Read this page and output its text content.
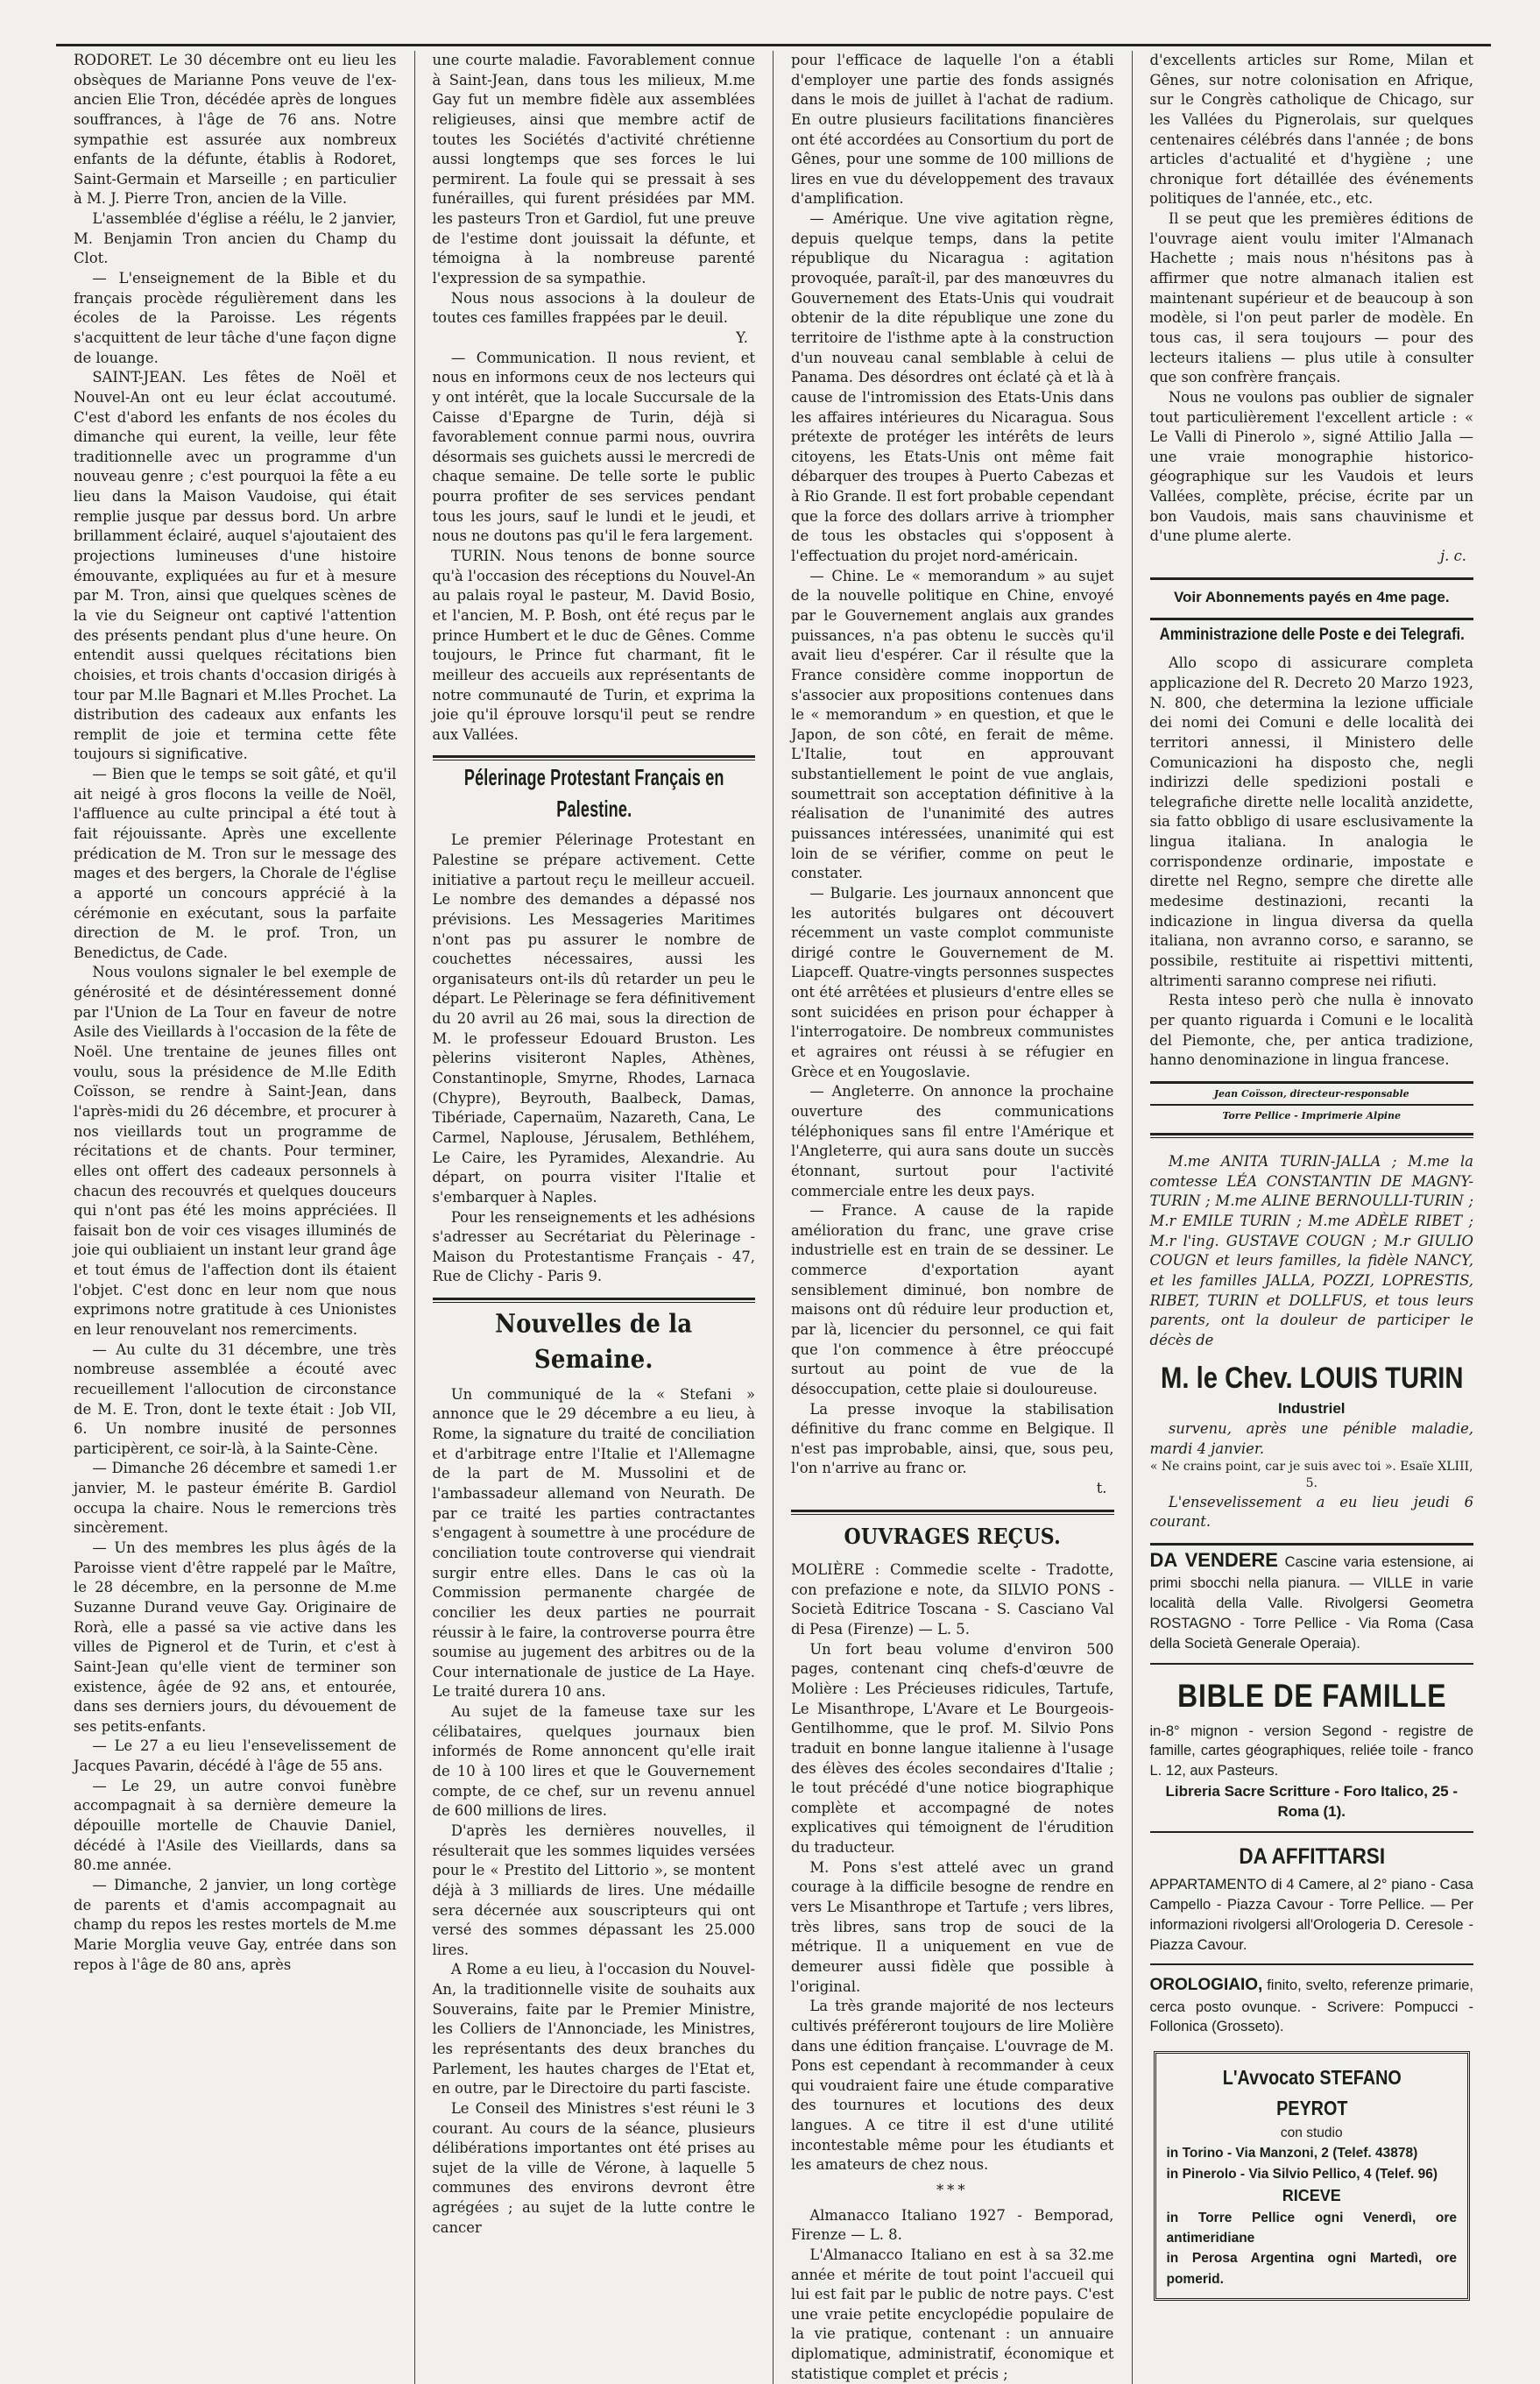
RODORET. Le 30 décembre ont eu lieu les obsèques de Marianne Pons veuve de l'ex-ancien Elie Tron, décédée après de longues souffrances, à l'âge de 76 ans. Notre sympathie est assurée aux nombreux enfants de la défunte, établis à Rodoret, Saint-Germain et Marseille ; en particulier à M. J. Pierre Tron, ancien de la Ville.

L'assemblée d'église a réélu, le 2 janvier, M. Benjamin Tron ancien du Champ du Clot.

— L'enseignement de la Bible et du français procède régulièrement dans les écoles de la Paroisse. Les régents s'acquittent de leur tâche d'une façon digne de louange.

SAINT-JEAN. Les fêtes de Noël et Nouvel-An ont eu leur éclat accoutumé. C'est d'abord les enfants de nos écoles du dimanche qui eurent, la veille, leur fête traditionnelle avec un programme d'un nouveau genre ; c'est pourquoi la fête a eu lieu dans la Maison Vaudoise, qui était remplie jusque par dessus bord. Un arbre brillamment éclairé, auquel s'ajoutaient des projections lumineuses d'une histoire émouvante, expliquées au fur et à mesure par M. Tron, ainsi que quelques scènes de la vie du Seigneur ont captivé l'attention des présents pendant plus d'une heure. On entendit aussi quelques récitations bien choisies, et trois chants d'occasion dirigés à tour par M.lle Bagnari et M.lles Prochet. La distribution des cadeaux aux enfants les remplit de joie et termina cette fête toujours si significative.

— Bien que le temps se soit gâté, et qu'il ait neigé à gros flocons la veille de Noël, l'affluence au culte principal a été tout à fait réjouissante. Après une excellente prédication de M. Tron sur le message des mages et des bergers, la Chorale de l'église a apporté un concours apprécié à la cérémonie en exécutant, sous la parfaite direction de M. le prof. Tron, un Benedictus, de Cade.

Nous voulons signaler le bel exemple de générosité et de désintéressement donné par l'Union de La Tour en faveur de notre Asile des Vieillards à l'occasion de la fête de Noël. Une trentaine de jeunes filles ont voulu, sous la présidence de M.lle Edith Coïsson, se rendre à Saint-Jean, dans l'après-midi du 26 décembre, et procurer à nos vieillards tout un programme de récitations et de chants. Pour terminer, elles ont offert des cadeaux personnels à chacun des recouvrés et quelques douceurs qui n'ont pas été les moins appréciées. Il faisait bon de voir ces visages illuminés de joie qui oubliaient un instant leur grand âge et tout émus de l'affection dont ils étaient l'objet. C'est donc en leur nom que nous exprimons notre gratitude à ces Unionistes en leur renouvelant nos remerciments.

— Au culte du 31 décembre, une très nombreuse assemblée a écouté avec recueillement l'allocution de circonstance de M. E. Tron, dont le texte était : Job VII, 6. Un nombre inusité de personnes participèrent, ce soir-là, à la Sainte-Cène.

— Dimanche 26 décembre et samedi 1.er janvier, M. le pasteur émérite B. Gardiol occupa la chaire. Nous le remercions très sincèrement.

— Un des membres les plus âgés de la Paroisse vient d'être rappelé par le Maître, le 28 décembre, en la personne de M.me Suzanne Durand veuve Gay. Originaire de Rorà, elle a passé sa vie active dans les villes de Pignerol et de Turin, et c'est à Saint-Jean qu'elle vient de terminer son existence, âgée de 92 ans, et entourée, dans ses derniers jours, du dévouement de ses petits-enfants.

— Le 27 a eu lieu l'ensevelissement de Jacques Pavarin, décédé à l'âge de 55 ans.

— Le 29, un autre convoi funèbre accompagnait à sa dernière demeure la dépouille mortelle de Chauvie Daniel, décédé à l'Asile des Vieillards, dans sa 80.me année.

— Dimanche, 2 janvier, un long cortège de parents et d'amis accompagnait au champ du repos les restes mortels de M.me Marie Morglia veuve Gay, entrée dans son repos à l'âge de 80 ans, après

une courte maladie. Favorablement connue à Saint-Jean, dans tous les milieux, M.me Gay fut un membre fidèle aux assemblées religieuses, ainsi que membre actif de toutes les Sociétés d'activité chrétienne aussi longtemps que ses forces le lui permirent. La foule qui se pressait à ses funérailles, qui furent présidées par MM. les pasteurs Tron et Gardiol, fut une preuve de l'estime dont jouissait la défunte, et témoigna à la nombreuse parenté l'expression de sa sympathie.

Nous nous associons à la douleur de toutes ces familles frappées par le deuil.

Y.

— Communication. Il nous revient, et nous en informons ceux de nos lecteurs qui y ont intérêt, que la locale Succursale de la Caisse d'Epargne de Turin, déjà si favorablement connue parmi nous, ouvrira désormais ses guichets aussi le mercredi de chaque semaine. De telle sorte le public pourra profiter de ses services pendant tous les jours, sauf le lundi et le jeudi, et nous ne doutons pas qu'il le fera largement.

TURIN. Nous tenons de bonne source qu'à l'occasion des réceptions du Nouvel-An au palais royal le pasteur, M. David Bosio, et l'ancien, M. P. Bosh, ont été reçus par le prince Humbert et le duc de Gênes. Comme toujours, le Prince fut charmant, fit le meilleur des accueils aux représentants de notre communauté de Turin, et exprima la joie qu'il éprouve lorsqu'il peut se rendre aux Vallées.

Pélerinage Protestant Français en Palestine.

Le premier Pélerinage Protestant en Palestine se prépare activement. Cette initiative a partout reçu le meilleur accueil. Le nombre des demandes a dépassé nos prévisions. Les Messageries Maritimes n'ont pas pu assurer le nombre de couchettes nécessaires, aussi les organisateurs ont-ils dû retarder un peu le départ. Le Pèlerinage se fera définitivement du 20 avril au 26 mai, sous la direction de M. le professeur Edouard Bruston. Les pèlerins visiteront Naples, Athènes, Constantinople, Smyrne, Rhodes, Larnaca (Chypre), Beyrouth, Baalbeck, Damas, Tibériade, Capernaüm, Nazareth, Cana, Le Carmel, Naplouse, Jérusalem, Bethléhem, Le Caire, les Pyramides, Alexandrie. Au départ, on pourra visiter l'Italie et s'embarquer à Naples.

Pour les renseignements et les adhésions s'adresser au Secrétariat du Pèlerinage - Maison du Protestantisme Français - 47, Rue de Clichy - Paris 9.

Nouvelles de la Semaine.

Un communiqué de la « Stefani » annonce que le 29 décembre a eu lieu, à Rome, la signature du traité de conciliation et d'arbitrage entre l'Italie et l'Allemagne de la part de M. Mussolini et de l'ambassadeur allemand von Neurath. De par ce traité les parties contractantes s'engagent à soumettre à une procédure de conciliation toute controverse qui viendrait surgir entre elles. Dans le cas où la Commission permanente chargée de concilier les deux parties ne pourrait réussir à le faire, la controverse pourra être soumise au jugement des arbitres ou de la Cour internationale de justice de La Haye. Le traité durera 10 ans.

Au sujet de la fameuse taxe sur les célibataires, quelques journaux bien informés de Rome annoncent qu'elle irait de 10 à 100 lires et que le Gouvernement compte, de ce chef, sur un revenu annuel de 600 millions de lires.

D'après les dernières nouvelles, il résulterait que les sommes liquides versées pour le « Prestito del Littorio », se montent déjà à 3 milliards de lires. Une médaille sera décernée aux souscripteurs qui ont versé des sommes dépassant les 25.000 lires.

A Rome a eu lieu, à l'occasion du Nouvel-An, la traditionnelle visite de souhaits aux Souverains, faite par le Premier Ministre, les Colliers de l'Annonciade, les Ministres, les représentants des deux branches du Parlement, les hautes charges de l'Etat et, en outre, par le Directoire du parti fasciste.

Le Conseil des Ministres s'est réuni le 3 courant. Au cours de la séance, plusieurs délibérations importantes ont été prises au sujet de la ville de Vérone, à laquelle 5 communes des environs devront être agrégées ; au sujet de la lutte contre le cancer

pour l'efficace de laquelle l'on a établi d'employer une partie des fonds assignés dans le mois de juillet à l'achat de radium. En outre plusieurs facilitations financières ont été accordées au Consortium du port de Gênes, pour une somme de 100 millions de lires en vue du développement des travaux d'amplification.

— Amérique. Une vive agitation règne, depuis quelque temps, dans la petite république du Nicaragua : agitation provoquée, paraît-il, par des manœuvres du Gouvernement des Etats-Unis qui voudrait obtenir de la dite république une zone du territoire de l'isthme apte à la construction d'un nouveau canal semblable à celui de Panama. Des désordres ont éclaté çà et là à cause de l'intromission des Etats-Unis dans les affaires intérieures du Nicaragua. Sous prétexte de protéger les intérêts de leurs citoyens, les Etats-Unis ont même fait débarquer des troupes à Puerto Cabezas et à Rio Grande. Il est fort probable cependant que la force des dollars arrive à triompher de tous les obstacles qui s'opposent à l'effectuation du projet nord-américain.

— Chine. Le « memorandum » au sujet de la nouvelle politique en Chine, envoyé par le Gouvernement anglais aux grandes puissances, n'a pas obtenu le succès qu'il avait lieu d'espérer. Car il résulte que la France considère comme inopportun de s'associer aux propositions contenues dans le « memorandum » en question, et que le Japon, de son côté, en ferait de même. L'Italie, tout en approuvant substantiellement le point de vue anglais, soumettrait son acceptation définitive à la réalisation de l'unanimité des autres puissances intéressées, unanimité qui est loin de se vérifier, comme on peut le constater.

— Bulgarie. Les journaux annoncent que les autorités bulgares ont découvert récemment un vaste complot communiste dirigé contre le Gouvernement de M. Liapceff. Quatre-vingts personnes suspectes ont été arrêtées et plusieurs d'entre elles se sont suicidées en prison pour échapper à l'interrogatoire. De nombreux communistes et agraires ont réussi à se réfugier en Grèce et en Yougoslavie.

— Angleterre. On annonce la prochaine ouverture des communications téléphoniques sans fil entre l'Amérique et l'Angleterre, qui aura sans doute un succès étonnant, surtout pour l'activité commerciale entre les deux pays.

— France. A cause de la rapide amélioration du franc, une grave crise industrielle est en train de se dessiner. Le commerce d'exportation ayant sensiblement diminué, bon nombre de maisons ont dû réduire leur production et, par là, licencier du personnel, ce qui fait que l'on commence à être préoccupé surtout au point de vue de la désoccupation, cette plaie si douloureuse.

La presse invoque la stabilisation définitive du franc comme en Belgique. Il n'est pas improbable, ainsi, que, sous peu, l'on n'arrive au franc or.

t.
OUVRAGES REÇUS.

MOLIÈRE : Commedie scelte - Tradotte, con prefazione e note, da SILVIO PONS - Società Editrice Toscana - S. Casciano Val di Pesa (Firenze) — L. 5.

Un fort beau volume d'environ 500 pages, contenant cinq chefs-d'œuvre de Molière : Les Précieuses ridicules, Tartufe, Le Misanthrope, L'Avare et Le Bourgeois-Gentilhomme, que le prof. M. Silvio Pons traduit en bonne langue italienne à l'usage des élèves des écoles secondaires d'Italie ; le tout précédé d'une notice biographique complète et accompagné de notes explicatives qui témoignent de l'érudition du traducteur.

M. Pons s'est attelé avec un grand courage à la difficile besogne de rendre en vers Le Misanthrope et Tartufe ; vers libres, très libres, sans trop de souci de la métrique. Il a uniquement en vue de demeurer aussi fidèle que possible à l'original.

La très grande majorité de nos lecteurs cultivés préféreront toujours de lire Molière dans une édition française. L'ouvrage de M. Pons est cependant à recommander à ceux qui voudraient faire une étude comparative des tournures et locutions des deux langues. A ce titre il est d'une utilité incontestable même pour les étudiants et les amateurs de chez nous.

***

Almanacco Italiano 1927 - Bemporad, Firenze — L. 8.

L'Almanacco Italiano en est à sa 32.me année et mérite de tout point l'accueil qui lui est fait par le public de notre pays. C'est une vraie petite encyclopédie populaire de la vie pratique, contenant : un annuaire diplomatique, administratif, économique et statistique complet et précis ;

d'excellents articles sur Rome, Milan et Gênes, sur notre colonisation en Afrique, sur le Congrès catholique de Chicago, sur les Vallées du Pignerolais, sur quelques centenaires célébrés dans l'année ; de bons articles d'actualité et d'hygiène ; une chronique fort détaillée des événements politiques de l'année, etc., etc.

Il se peut que les premières éditions de l'ouvrage aient voulu imiter l'Almanach Hachette ; mais nous n'hésitons pas à affirmer que notre almanach italien est maintenant supérieur et de beaucoup à son modèle, si l'on peut parler de modèle. En tous cas, il sera toujours — pour des lecteurs italiens — plus utile à consulter que son confrère français.

Nous ne voulons pas oublier de signaler tout particulièrement l'excellent article : « Le Valli di Pinerolo », signé Attilio Jalla — une vraie monographie historico-géographique sur les Vaudois et leurs Vallées, complète, précise, écrite par un bon Vaudois, mais sans chauvinisme et d'une plume alerte.

j. c.
Voir Abonnements payés en 4me page.
Amministrazione delle Poste e dei Telegrafi.

Allo scopo di assicurare completa applicazione del R. Decreto 20 Marzo 1923, N. 800, che determina la lezione ufficiale dei nomi dei Comuni e delle località dei territori annessi, il Ministero delle Comunicazioni ha disposto che, negli indirizzi delle spedizioni postali e telegrafiche dirette nelle località anzidette, sia fatto obbligo di usare esclusivamente la lingua italiana. In analogia le corrispondenze ordinarie, impostate e dirette nel Regno, sempre che dirette alle medesime destinazioni, recanti la indicazione in lingua diversa da quella italiana, non avranno corso, e saranno, se possibile, restituite ai rispettivi mittenti, altrimenti saranno comprese nei rifiuti.

Resta inteso però che nulla è innovato per quanto riguarda i Comuni e le località del Piemonte, che, per antica tradizione, hanno denominazione in lingua francese.

Jean Coïsson, directeur-responsable
Torre Pellice - Imprimerie Alpine

M.me ANITA TURIN-JALLA ; M.me la comtesse LÉA CONSTANTIN DE MAGNY-TURIN ; M.me ALINE BERNOULLI-TURIN ; M.r EMILE TURIN ; M.me ADÈLE RIBET ; M.r l'ing. GUSTAVE COUGN ; M.r GIULIO COUGN et leurs familles, la fidèle NANCY, et les familles JALLA, POZZI, LOPRESTIS, RIBET, TURIN et DOLLFUS, et tous leurs parents, ont la douleur de participer le décès de

M. le Chev. LOUIS TURIN
Industriel

survenu, après une pénible maladie, mardi 4 janvier.

« Ne crains point, car je suis avec toi ». Esaïe XLIII, 5.

L'ensevelissement a eu lieu jeudi 6 courant.

DA VENDERE Cascine varia estensione, ai primi sbocchi nella pianura. — VILLE in varie località della Valle. Rivolgersi Geometra ROSTAGNO - Torre Pellice - Via Roma (Casa della Società Generale Operaia).

BIBLE DE FAMILLE

in-8° mignon - version Segond - registre de famille, cartes géographiques, reliée toile - franco L. 12, aux Pasteurs.

Libreria Sacre Scritture - Foro Italico, 25 - Roma (1).

DA AFFITTARSI

APPARTAMENTO di 4 Camere, al 2° piano - Casa Campello - Piazza Cavour - Torre Pellice. — Per informazioni rivolgersi all'Orologeria D. Ceresole - Piazza Cavour.

OROLOGIAIO, finito, svelto, referenze primarie, cerca posto ovunque. - Scrivere: Pompucci - Follonica (Grosseto).

L'Avvocato STEFANO PEYROT
con studio
in Torino - Via Manzoni, 2 (Telef. 43878)
in Pinerolo - Via Silvio Pellico, 4 (Telef. 96)
RICEVE
in Torre Pellice ogni Venerdì, ore antimeridiane
in Perosa Argentina ogni Martedì, ore pomerid.
